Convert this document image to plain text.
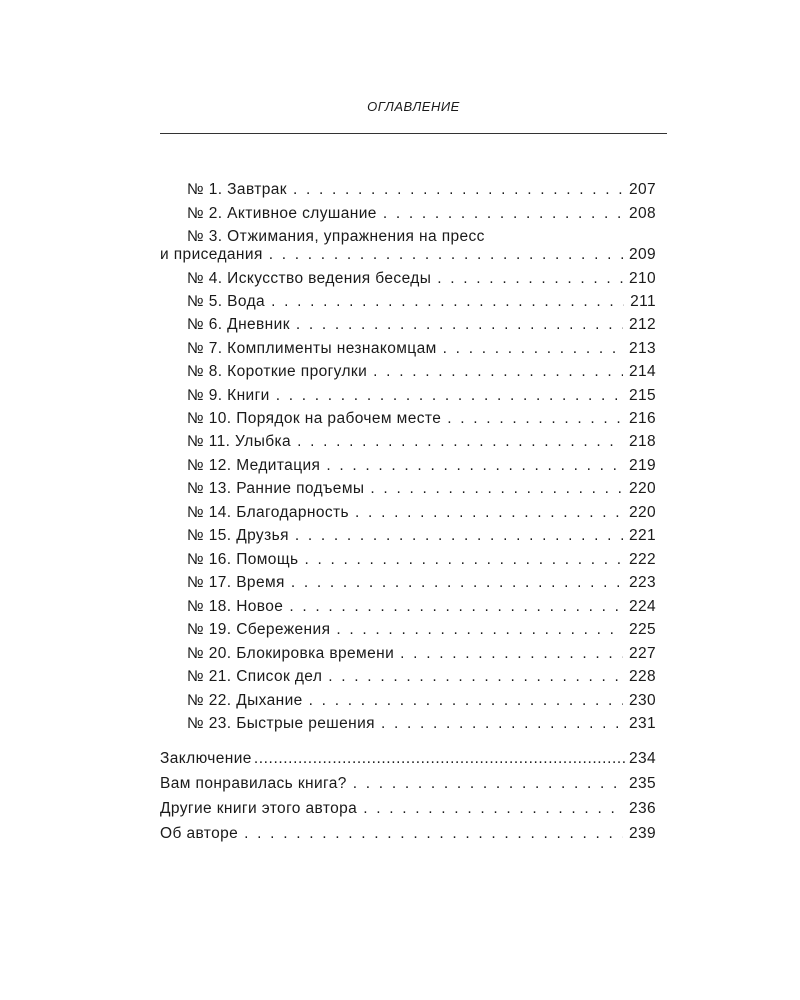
ОГЛАВЛЕНИЕ
№ 1. Завтрак . . .	207
№ 2. Активное слушание . . .	208
№ 3. Отжимания, упражнения на пресс
и приседания . . .	209
№ 4. Искусство ведения беседы . . .	210
№ 5. Вода . . .	211
№ 6. Дневник . . .	212
№ 7. Комплименты незнакомцам . . .	213
№ 8. Короткие прогулки . . .	214
№ 9. Книги . . .	215
№ 10. Порядок на рабочем месте . . .	216
№ 11. Улыбка . . .	218
№ 12. Медитация . . .	219
№ 13. Ранние подъемы . . .	220
№ 14. Благодарность . . .	220
№ 15. Друзья . . .	221
№ 16. Помощь . . .	222
№ 17. Время . . .	223
№ 18. Новое . . .	224
№ 19. Сбережения . . .	225
№ 20. Блокировка времени . . .	227
№ 21. Список дел . . .	228
№ 22. Дыхание . . .	230
№ 23. Быстрые решения . . .	231
Заключение .....	234
Вам понравилась книга? . . .	235
Другие книги этого автора . . .	236
Об авторе . . .	239
